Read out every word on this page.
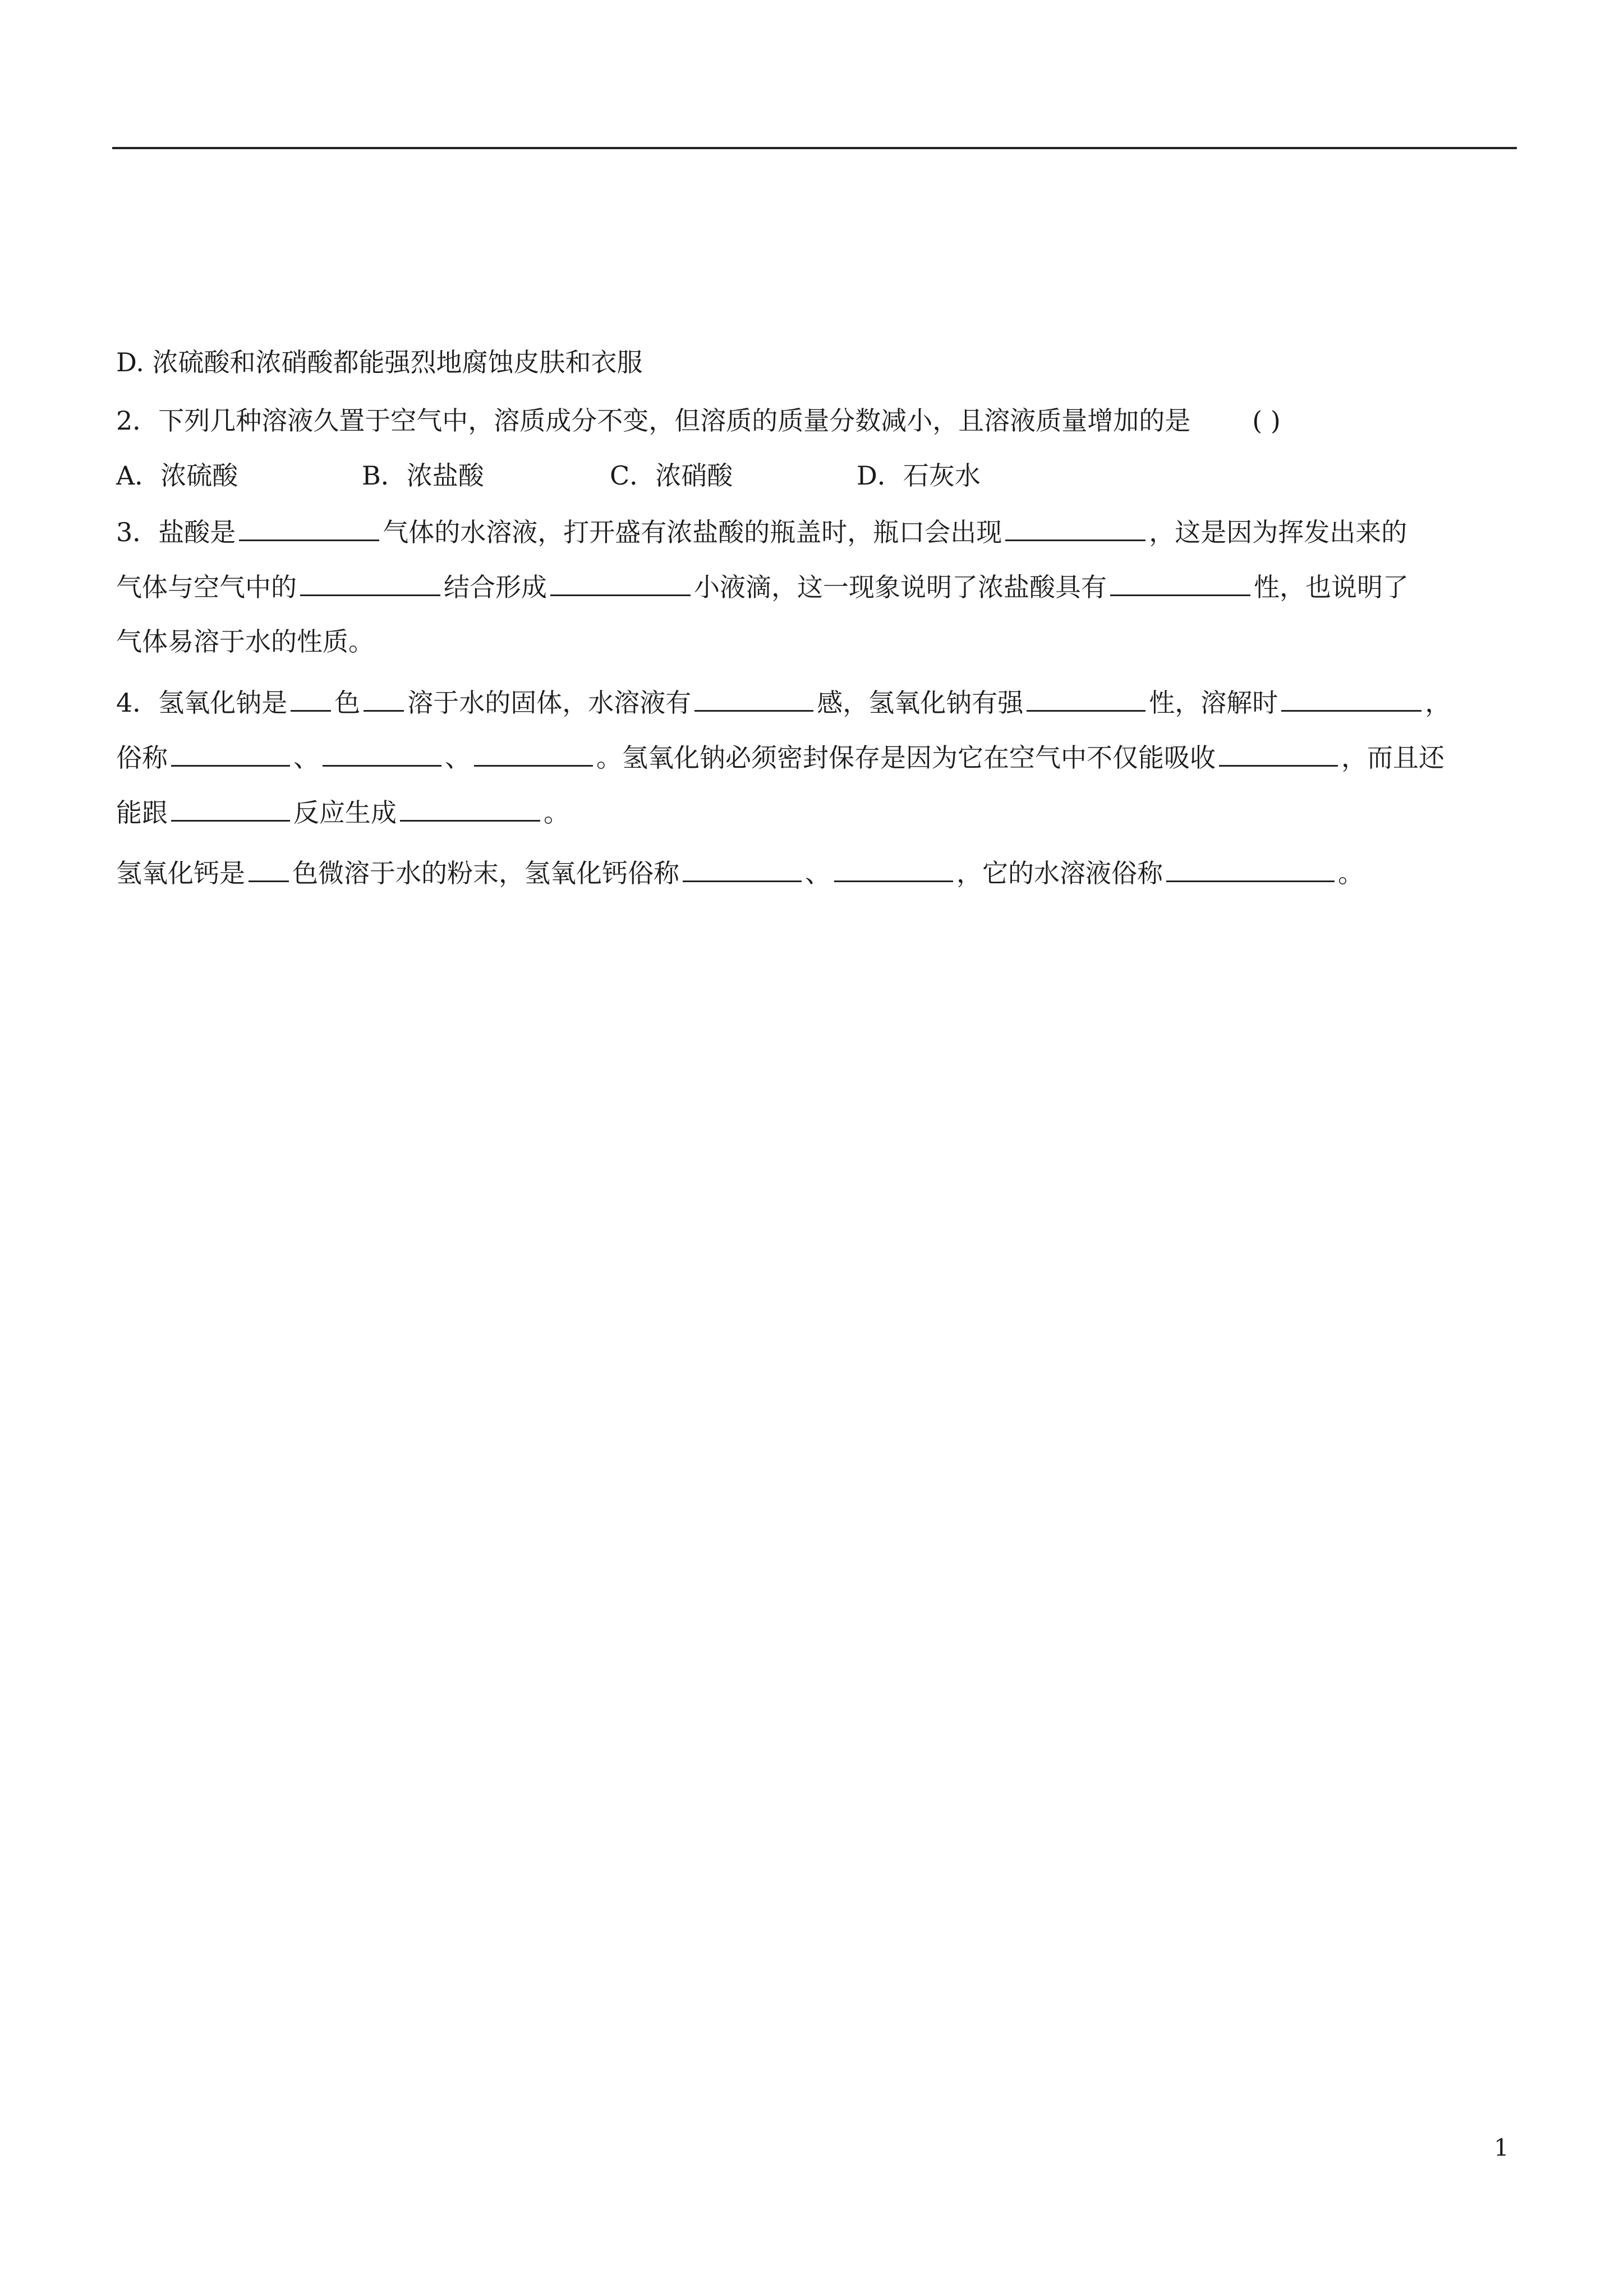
D. 浓硫酸和浓硝酸都能强烈地腐蚀皮肤和衣服
2．下列几种溶液久置于空气中，溶质成分不变，但溶质的质量分数减小，且溶液质量增加的是 ( )
A．浓硫酸	B．浓盐酸	C．浓硝酸	D．石灰水
3．盐酸是	气体的水溶液，打开盛有浓盐酸的瓶盖时，瓶口会出现	，这是因为挥发出来的
气体与空气中的	结合形成	小液滴，这一现象说明了浓盐酸具有	性，也说明了
气体易溶于水的性质。
4．氢氧化钠是 色 溶于水的固体，水溶液有	感，氢氧化钠有强	性，溶解时	，
俗称	、	、	。氢氧化钠必须密封保存是因为它在空气中不仅能吸收	，而且还
能跟	反应生成	。
氢氧化钙是 色微溶于水的粉末，氢氧化钙俗称	、	，它的水溶液俗称	。
1
